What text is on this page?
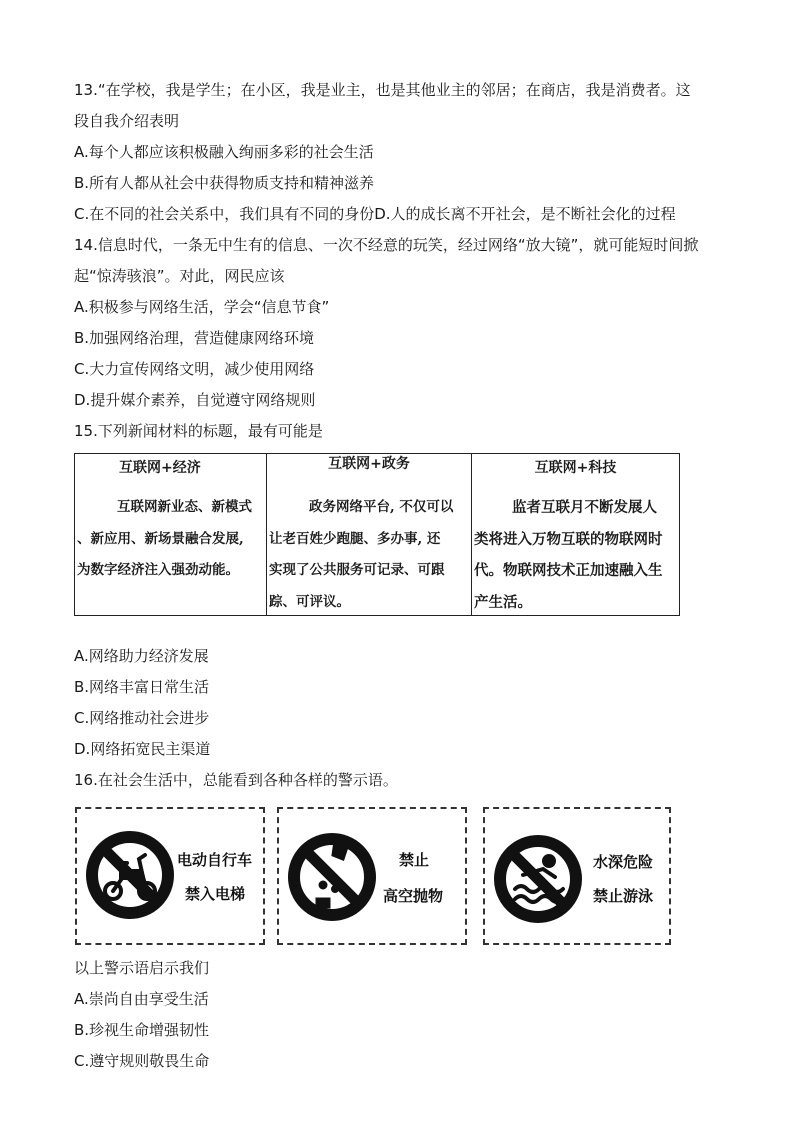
13.“在学校，我是学生；在小区，我是业主，也是其他业主的邻居；在商店，我是消费者。这
段自我介绍表明
A.每个人都应该积极融入绚丽多彩的社会生活
B.所有人都从社会中获得物质支持和精神滋养
C.在不同的社会关系中，我们具有不同的身份D.人的成长离不开社会，是不断社会化的过程
14.信息时代，一条无中生有的信息、一次不经意的玩笑，经过网络“放大镜”，就可能短时间掀
起“惊涛骇浪”。对此，网民应该
A.积极参与网络生活，学会“信息节食”
B.加强网络治理，营造健康网络环境
C.大力宣传网络文明，减少使用网络
D.提升媒介素养，自觉遵守网络规则
15.下列新闻材料的标题，最有可能是
互联网+经济

互联网新业态、新模式

、新应用、新场景融合发展,

为数字经济注入强劲动能。

互联网+政务

政务网络平台, 不仅可以

让老百姓少跑腿、多办事, 还

实现了公共服务可记录、可跟

踪、可评议。

互联网+科技

监者互联月不断发展人

类将进入万物互联的物联网时

代。物联网技术正加速融入生

产生活。

A.网络助力经济发展
B.网络丰富日常生活
C.网络推动社会进步
D.网络拓宽民主渠道
16.在社会生活中，总能看到各种各样的警示语。
电动自行车
禁入电梯
禁止
高空抛物
水深危险
禁止游泳
以上警示语启示我们
A.崇尚自由享受生活
B.珍视生命增强韧性
C.遵守规则敬畏生命
